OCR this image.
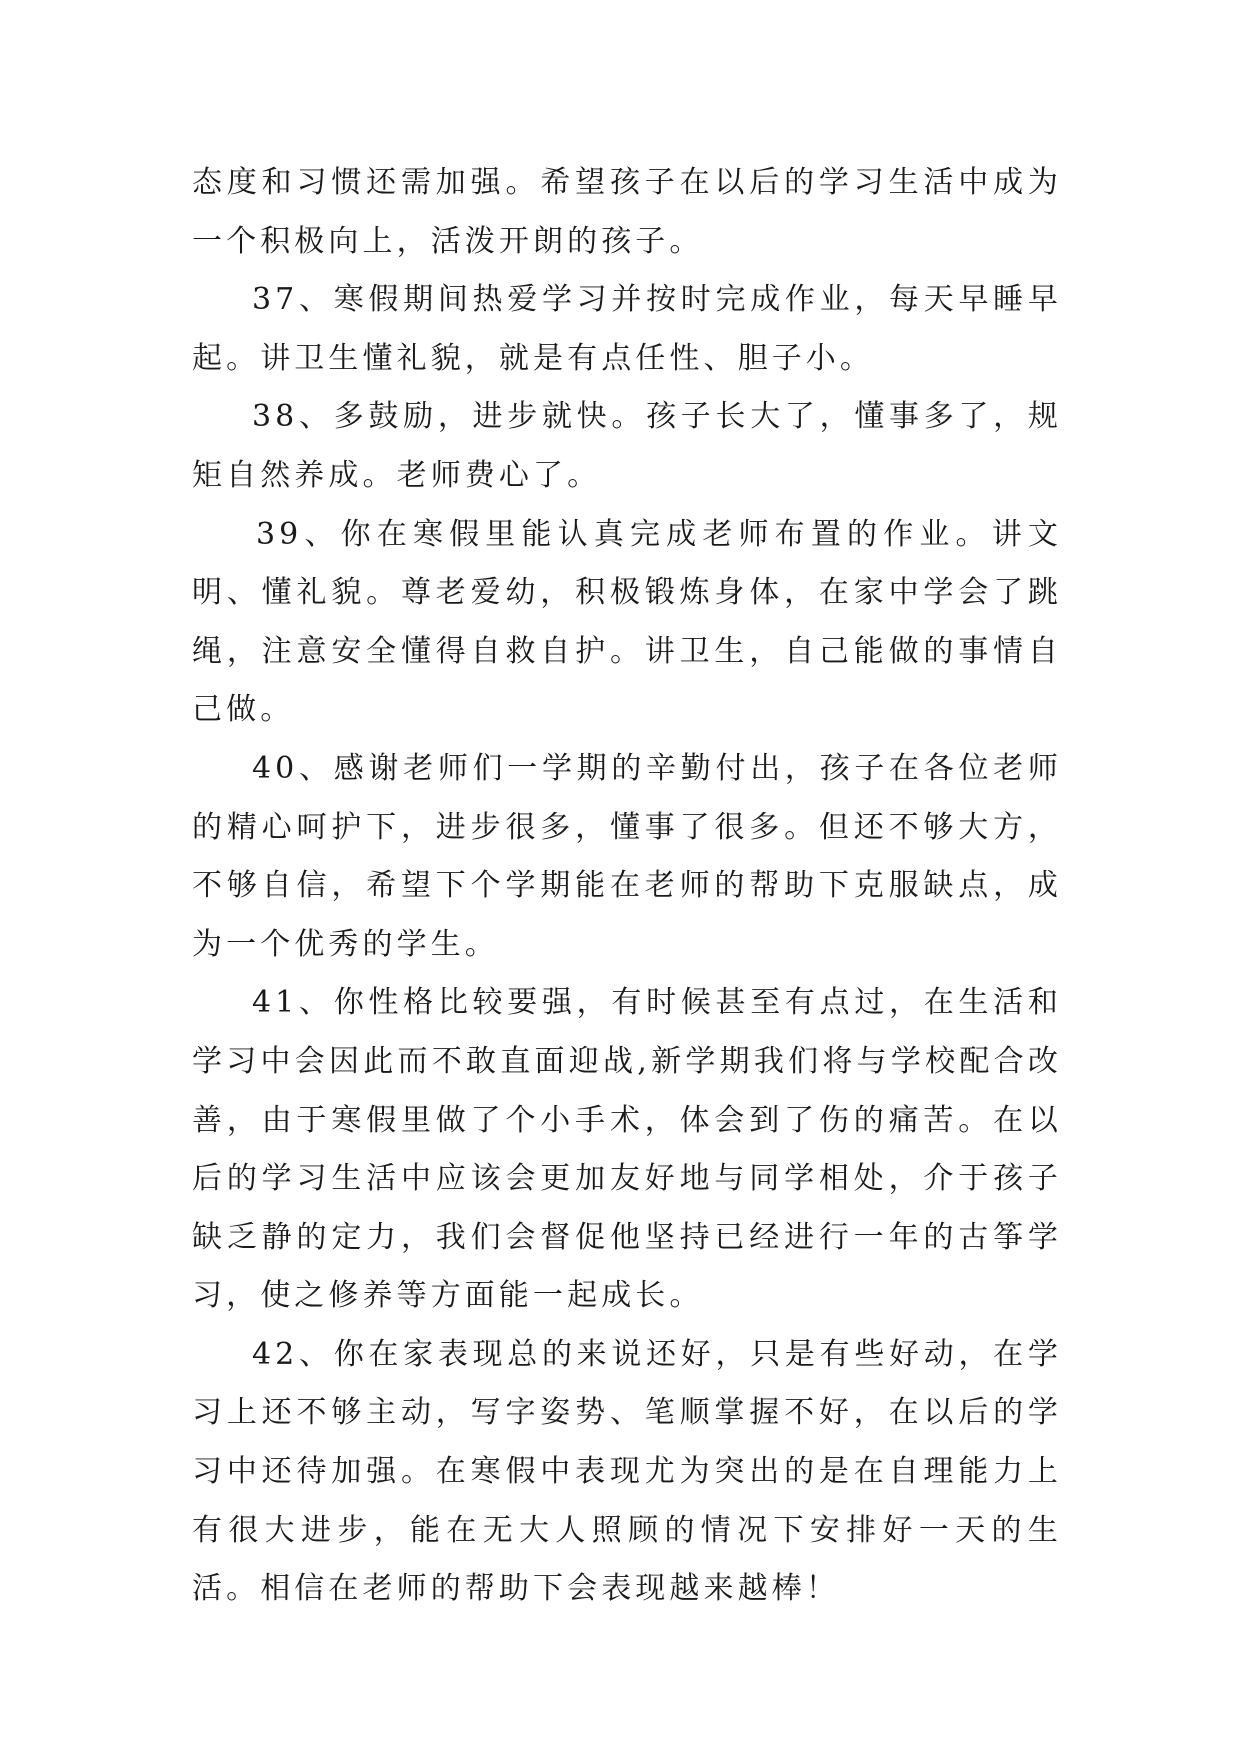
态度和习惯还需加强。希望孩子在以后的学习生活中成为一个积极向上，活泼开朗的孩子。

37、寒假期间热爱学习并按时完成作业，每天早睡早起。讲卫生懂礼貌，就是有点任性、胆子小。

38、多鼓励，进步就快。孩子长大了，懂事多了，规矩自然养成。老师费心了。

39、你在寒假里能认真完成老师布置的作业。讲文明、懂礼貌。尊老爱幼，积极锻炼身体，在家中学会了跳绳，注意安全懂得自救自护。讲卫生，自己能做的事情自己做。

40、感谢老师们一学期的辛勤付出，孩子在各位老师的精心呵护下，进步很多，懂事了很多。但还不够大方，不够自信，希望下个学期能在老师的帮助下克服缺点，成为一个优秀的学生。

41、你性格比较要强，有时候甚至有点过，在生活和学习中会因此而不敢直面迎战,新学期我们将与学校配合改善，由于寒假里做了个小手术，体会到了伤的痛苦。在以后的学习生活中应该会更加友好地与同学相处，介于孩子缺乏静的定力，我们会督促他坚持已经进行一年的古筝学习，使之修养等方面能一起成长。

42、你在家表现总的来说还好，只是有些好动，在学习上还不够主动，写字姿势、笔顺掌握不好，在以后的学习中还待加强。在寒假中表现尤为突出的是在自理能力上有很大进步，能在无大人照顾的情况下安排好一天的生活。相信在老师的帮助下会表现越来越棒！
